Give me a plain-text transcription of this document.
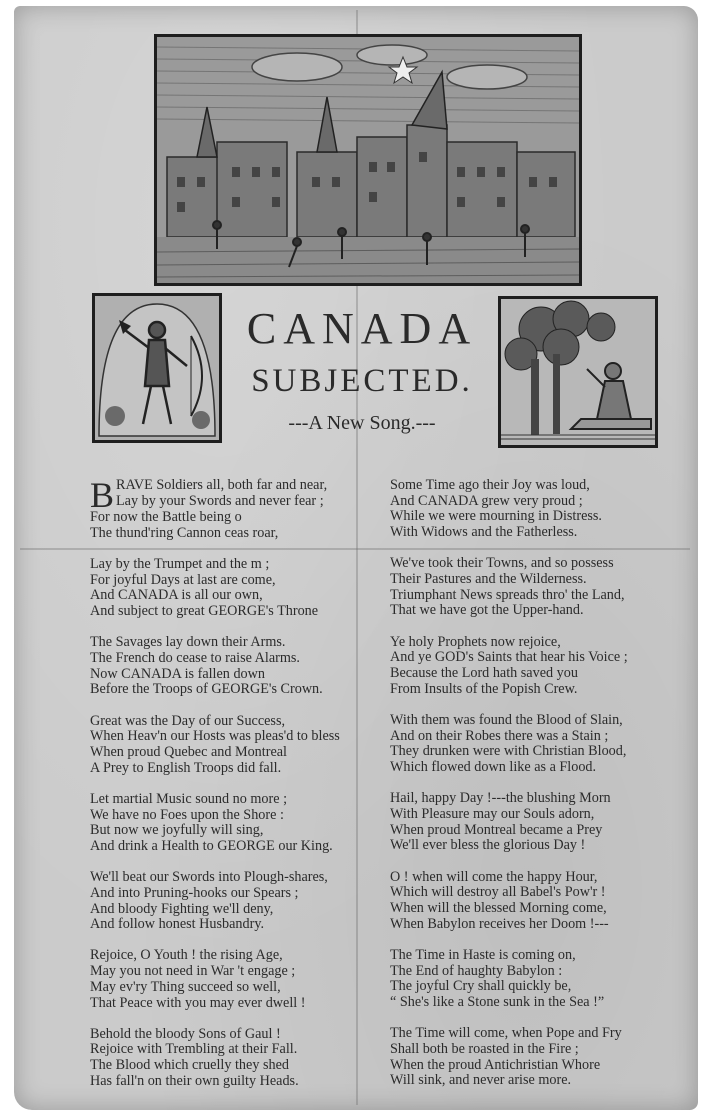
CANADA
SUBJECTED.
---A New Song.---
B RAVE Soldiers all, both far and near,
Lay by your Swords and never fear ;
For now the Battle being o
The thund'ring Cannon ceas roar,
Lay by the Trumpet and the m ;
For joyful Days at last are come,
And CANADA is all our own,
And subject to great GEORGE's Throne
The Savages lay down their Arms.
The French do cease to raise Alarms.
Now CANADA is fallen down
Before the Troops of GEORGE's Crown.
Great was the Day of our Success,
When Heav'n our Hosts was pleas'd to bless
When proud Quebec and Montreal
A Prey to English Troops did fall.
Let martial Music sound no more ;
We have no Foes upon the Shore :
But now we joyfully will sing,
And drink a Health to GEORGE our King.
We'll beat our Swords into Plough-shares,
And into Pruning-hooks our Spears ;
And bloody Fighting we'll deny,
And follow honest Husbandry.
Rejoice, O Youth ! the rising Age,
May you not need in War 't engage ;
May ev'ry Thing succeed so well,
That Peace with you may ever dwell !
Behold the bloody Sons of Gaul !
Rejoice with Trembling at their Fall.
The Blood which cruelly they shed
Has fall'n on their own guilty Heads.
Some Time ago their Joy was loud,
And CANADA grew very proud ;
While we were mourning in Distress.
With Widows and the Fatherless.
We've took their Towns, and so possess
Their Pastures and the Wilderness.
Triumphant News spreads thro' the Land,
That we have got the Upper-hand.
Ye holy Prophets now rejoice,
And ye GOD's Saints that hear his Voice ;
Because the Lord hath saved you
From Insults of the Popish Crew.
With them was found the Blood of Slain,
And on their Robes there was a Stain ;
They drunken were with Christian Blood,
Which flowed down like as a Flood.
Hail, happy Day !---the blushing Morn
With Pleasure may our Souls adorn,
When proud Montreal became a Prey
We'll ever bless the glorious Day !
O ! when will come the happy Hour,
Which will destroy all Babel's Pow'r !
When will the blessed Morning come,
When Babylon receives her Doom !---
The Time in Haste is coming on,
The End of haughty Babylon :
The joyful Cry shall quickly be,
“ She's like a Stone sunk in the Sea !”
The Time will come, when Pope and Fry
Shall both be roasted in the Fire ;
When the proud Antichristian Whore
Will sink, and never arise more.
